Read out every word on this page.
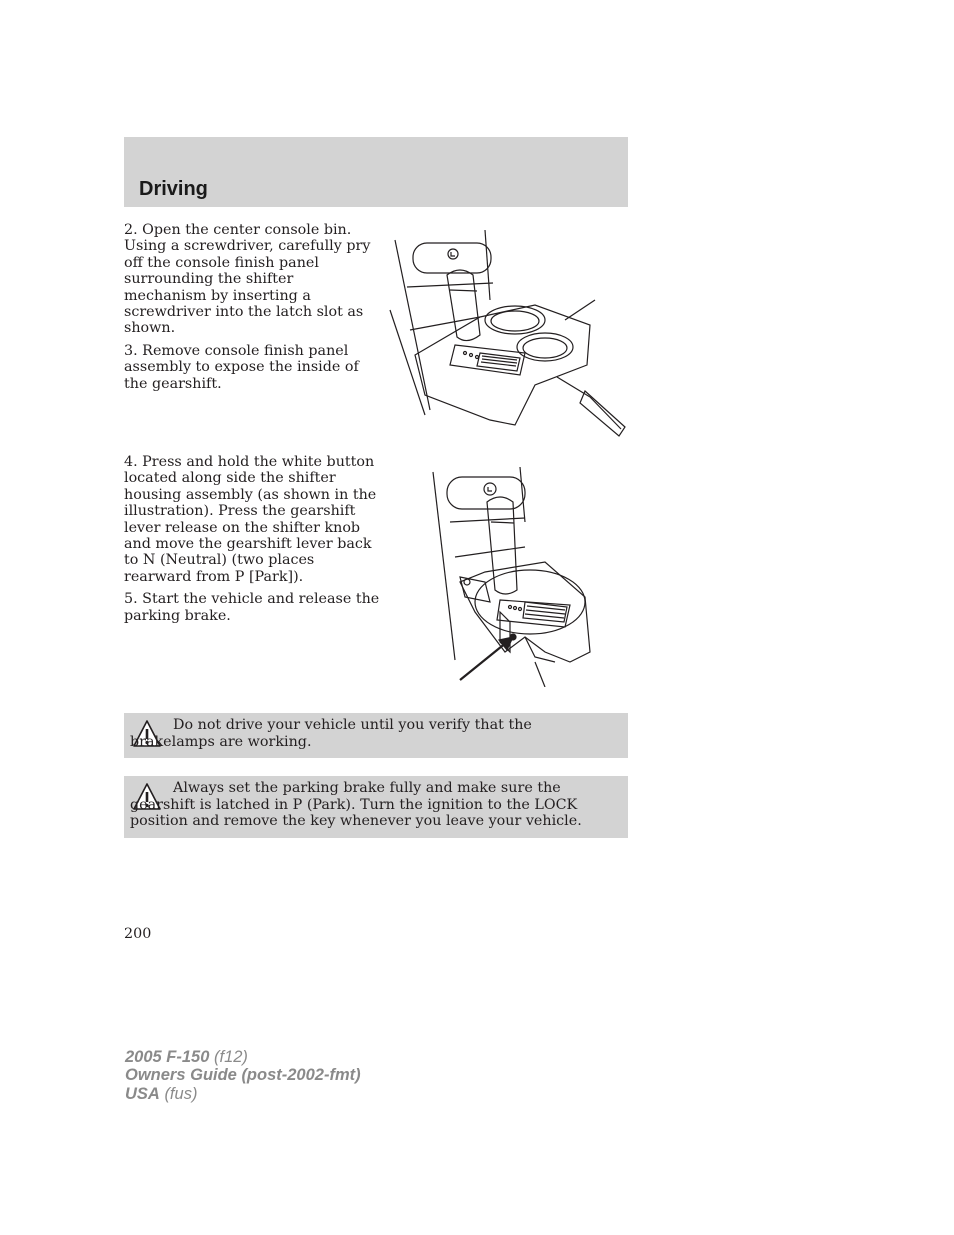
Driving

2. Open the center console bin. Using a screwdriver, carefully pry off the console finish panel surrounding the shifter mechanism by inserting a screwdriver into the latch slot as shown.

3. Remove console finish panel assembly to expose the inside of the gearshift.

4. Press and hold the white button located along side the shifter housing assembly (as shown in the illustration). Press the gearshift lever release on the shifter knob and move the gearshift lever back to N (Neutral) (two places rearward from P [Park]).

5. Start the vehicle and release the parking brake.

Do not drive your vehicle until you verify that the brakelamps are working.
Always set the parking brake fully and make sure the gearshift is latched in P (Park). Turn the ignition to the LOCK position and remove the key whenever you leave your vehicle.
200
2005 F-150 (f12)
Owners Guide (post-2002-fmt)
USA (fus)
